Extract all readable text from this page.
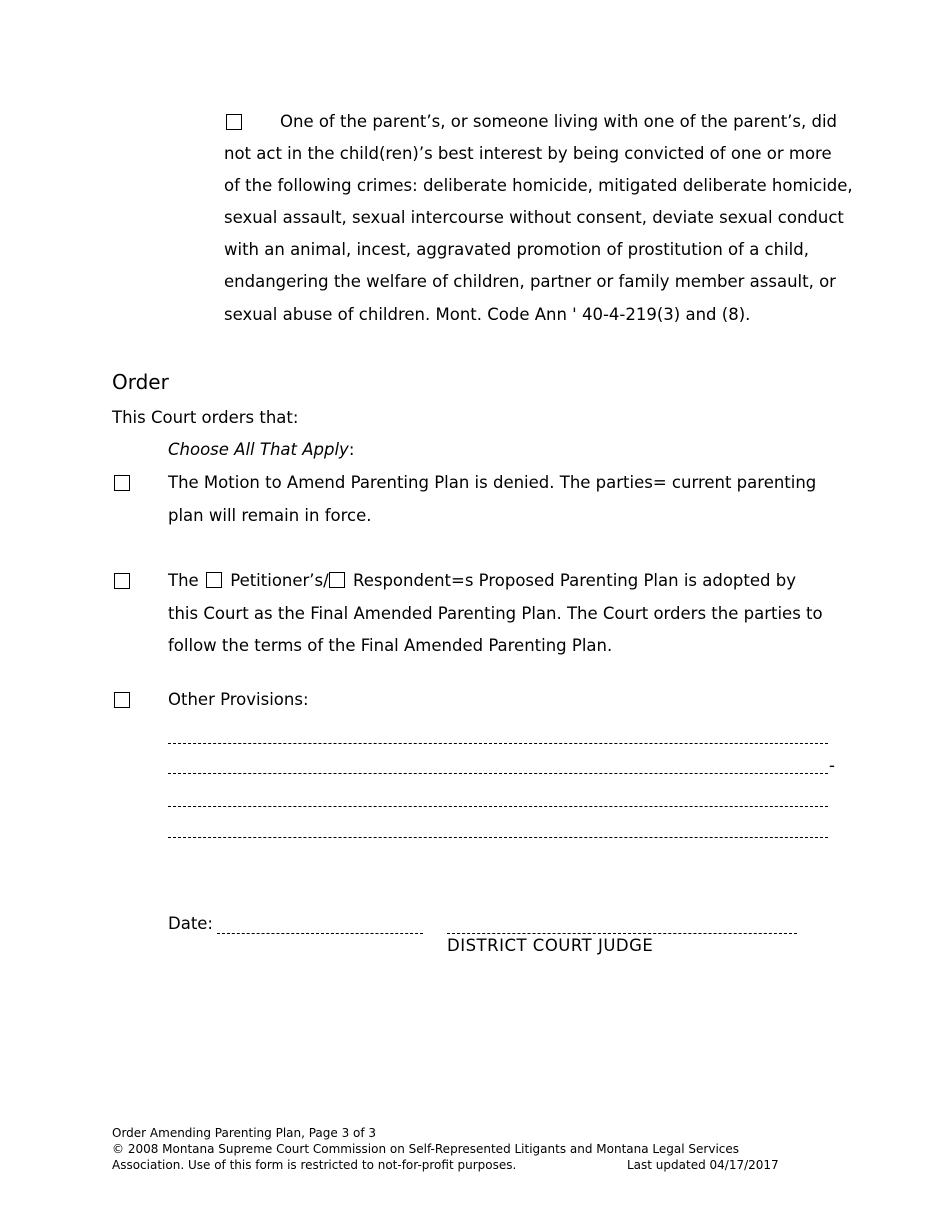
One of the parent’s, or someone living with one of the parent’s, did
not act in the child(ren)’s best interest by being convicted of one or more
of the following crimes: deliberate homicide, mitigated deliberate homicide,
sexual assault, sexual intercourse without consent, deviate sexual conduct
with an animal, incest, aggravated promotion of prostitution of a child,
endangering the welfare of children, partner or family member assault, or
sexual abuse of children. Mont. Code Ann ' 40-4-219(3) and (8).
Order
This Court orders that:
Choose All That Apply:
The Motion to Amend Parenting Plan is denied. The parties= current parenting
plan will remain in force.
The Petitioner’s/ Respondent=s Proposed Parenting Plan is adopted by
this Court as the Final Amended Parenting Plan. The Court orders the parties to
follow the terms of the Final Amended Parenting Plan.
Other Provisions:
-
Date:
DISTRICT COURT JUDGE
Order Amending Parenting Plan, Page 3 of 3
© 2008 Montana Supreme Court Commission on Self-Represented Litigants and Montana Legal Services
Association. Use of this form is restricted to not-for-profit purposes.	Last updated 04/17/2017
